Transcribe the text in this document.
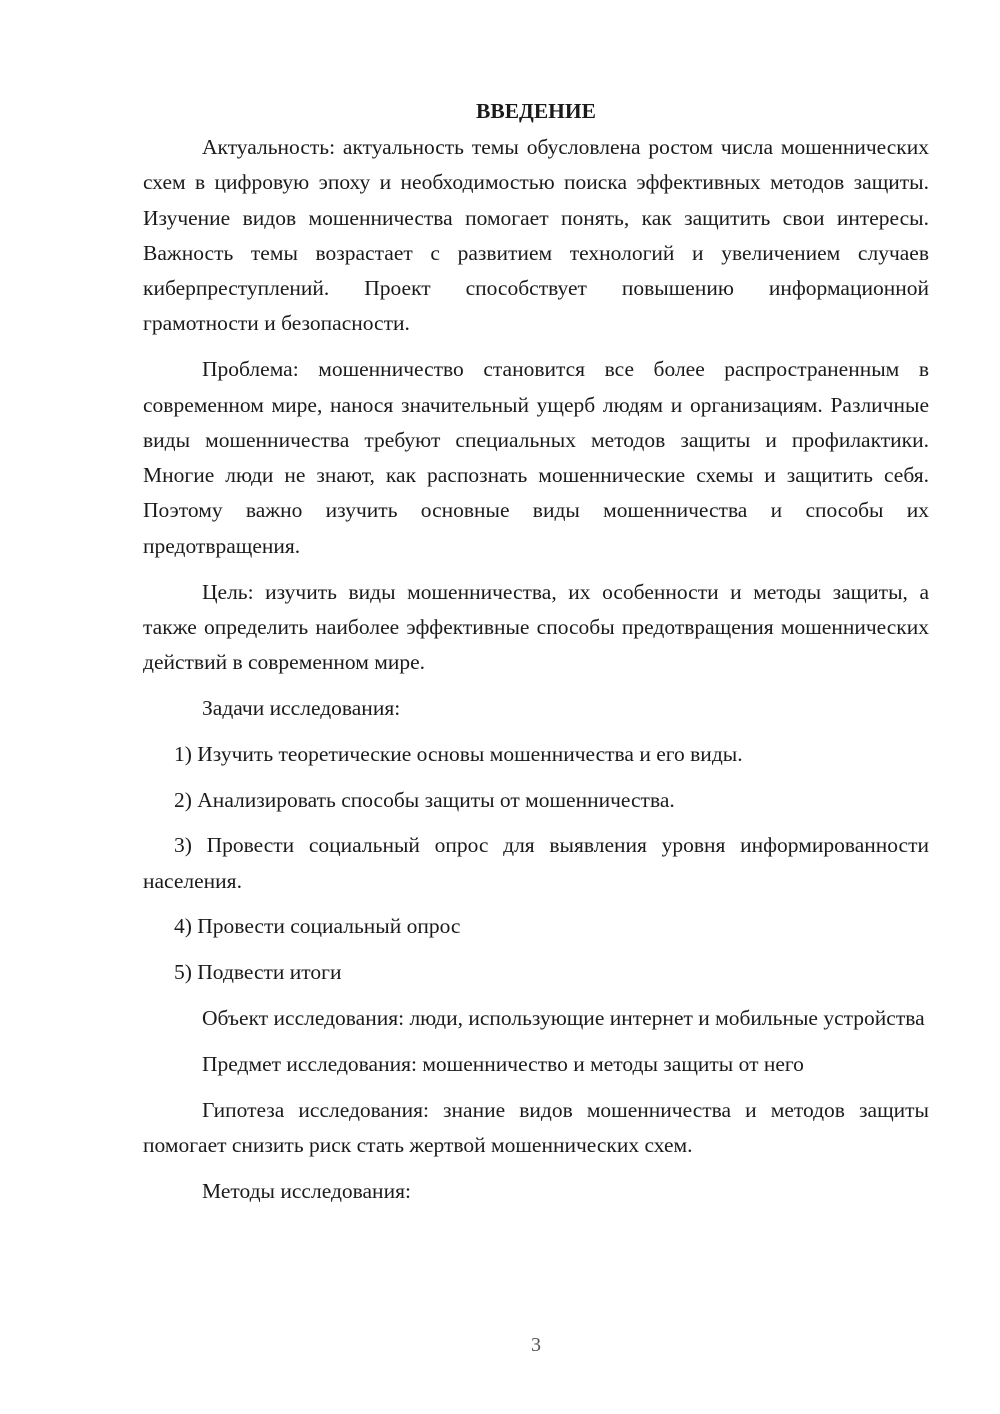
ВВЕДЕНИЕ

Актуальность: актуальность темы обусловлена ростом числа мошеннических схем в цифровую эпоху и необходимостью поиска эффективных методов защиты. Изучение видов мошенничества помогает понять, как защитить свои интересы. Важность темы возрастает с развитием технологий и увеличением случаев киберпреступлений. Проект способствует повышению информационной грамотности и безопасности.

Проблема: мошенничество становится все более распространенным в современном мире, нанося значительный ущерб людям и организациям. Различные виды мошенничества требуют специальных методов защиты и профилактики. Многие люди не знают, как распознать мошеннические схемы и защитить себя. Поэтому важно изучить основные виды мошенничества и способы их предотвращения.

Цель: изучить виды мошенничества, их особенности и методы защиты, а также определить наиболее эффективные способы предотвращения мошеннических действий в современном мире.

Задачи исследования:

1) Изучить теоретические основы мошенничества и его виды.

2) Анализировать способы защиты от мошенничества.

3) Провести социальный опрос для выявления уровня информированности населения.

4) Провести социальный опрос

5) Подвести итоги

Объект исследования: люди, использующие интернет и мобильные устройства

Предмет исследования: мошенничество и методы защиты от него

Гипотеза исследования: знание видов мошенничества и методов защиты помогает снизить риск стать жертвой мошеннических схем.

Методы исследования:

3
